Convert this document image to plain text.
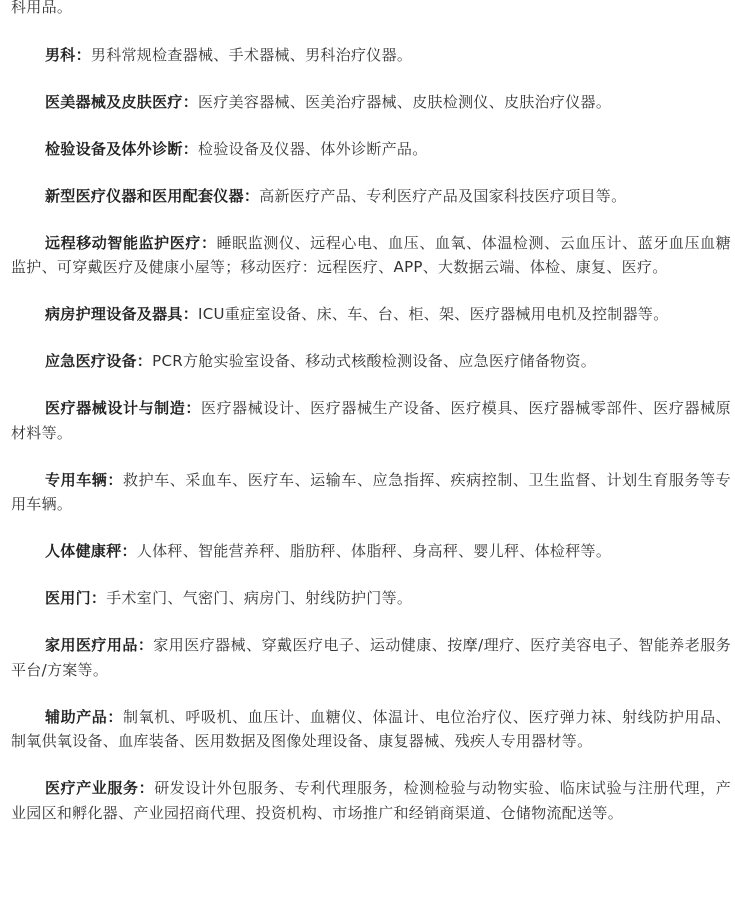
科用品。

男科：男科常规检查器械、手术器械、男科治疗仪器。

医美器械及皮肤医疗：医疗美容器械、医美治疗器械、皮肤检测仪、皮肤治疗仪器。

检验设备及体外诊断：检验设备及仪器、体外诊断产品。

新型医疗仪器和医用配套仪器：高新医疗产品、专利医疗产品及国家科技医疗项目等。

远程移动智能监护医疗：睡眠监测仪、远程心电、血压、血氧、体温检测、云血压计、蓝牙血压血糖监护、可穿戴医疗及健康小屋等；移动医疗：远程医疗、APP、大数据云端、体检、康复、医疗。

病房护理设备及器具：ICU重症室设备、床、车、台、柜、架、医疗器械用电机及控制器等。

应急医疗设备：PCR方舱实验室设备、移动式核酸检测设备、应急医疗储备物资。

医疗器械设计与制造：医疗器械设计、医疗器械生产设备、医疗模具、医疗器械零部件、医疗器械原材料等。

专用车辆：救护车、采血车、医疗车、运输车、应急指挥、疾病控制、卫生监督、计划生育服务等专用车辆。

人体健康秤：人体秤、智能营养秤、脂肪秤、体脂秤、身高秤、婴儿秤、体检秤等。

医用门：手术室门、气密门、病房门、射线防护门等。

家用医疗用品：家用医疗器械、穿戴医疗电子、运动健康、按摩/理疗、医疗美容电子、智能养老服务平台/方案等。

辅助产品：制氧机、呼吸机、血压计、血糖仪、体温计、电位治疗仪、医疗弹力袜、射线防护用品、制氧供氧设备、血库装备、医用数据及图像处理设备、康复器械、残疾人专用器材等。

医疗产业服务：研发设计外包服务、专利代理服务，检测检验与动物实验、临床试验与注册代理，产业园区和孵化器、产业园招商代理、投资机构、市场推广和经销商渠道、仓储物流配送等。
